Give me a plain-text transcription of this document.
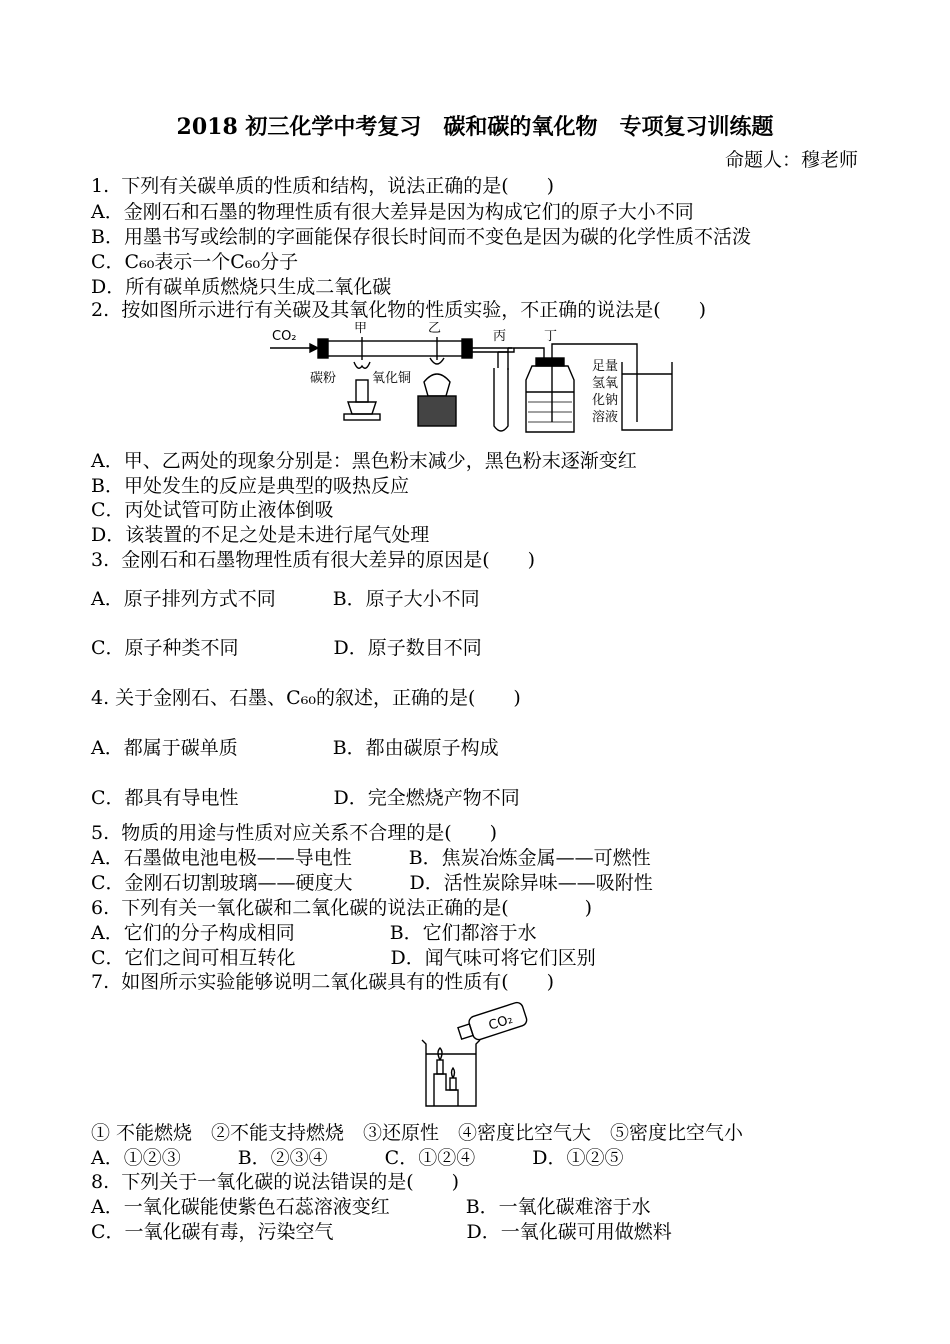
2018 初三化学中考复习　碳和碳的氧化物　专项复习训练题
命题人：穆老师
1.  下列有关碳单质的性质和结构，说法正确的是(　　)
A．金刚石和石墨的物理性质有很大差异是因为构成它们的原子大小不同
B．用墨书写或绘制的字画能保存很长时间而不变色是因为碳的化学性质不活泼
C．C₆₀表示一个C₆₀分子
D．所有碳单质燃烧只生成二氧化碳
2.  按如图所示进行有关碳及其氧化物的性质实验，不正确的说法是(　　)
CO₂
甲	乙
丙	丁
碳粉	氧化铜
足量
氢氧
化钠
溶液
A．甲、乙两处的现象分别是：黑色粉末减少，黑色粉末逐渐变红
B．甲处发生的反应是典型的吸热反应
C．丙处试管可防止液体倒吸
D．该装置的不足之处是未进行尾气处理
3.  金刚石和石墨物理性质有很大差异的原因是(　　)
A．原子排列方式不同　　　B．原子大小不同
C．原子种类不同　　　　　D．原子数目不同
4. 关于金刚石、石墨、C₆₀的叙述，正确的是(　　)
A．都属于碳单质　　　　　B．都由碳原子构成
C．都具有导电性　　　　　D．完全燃烧产物不同
5.  物质的用途与性质对应关系不合理的是(　　)
A．石墨做电池电极——导电性　　　B．焦炭冶炼金属——可燃性
C．金刚石切割玻璃——硬度大　　　D．活性炭除异味——吸附性
6.  下列有关一氧化碳和二氧化碳的说法正确的是(　　　　)
A．它们的分子构成相同　　　　　B．它们都溶于水
C．它们之间可相互转化　　　　　D．闻气味可将它们区别
7.  如图所示实验能够说明二氧化碳具有的性质有(　　)
CO₂
① 不能燃烧　②不能支持燃烧　③还原性　④密度比空气大　⑤密度比空气小
A．①②③　　　B．②③④　　　C．①②④　　　D．①②⑤
8.  下列关于一氧化碳的说法错误的是(　　)
A．一氧化碳能使紫色石蕊溶液变红　　　　B．一氧化碳难溶于水
C．一氧化碳有毒，污染空气　　　　　　　D．一氧化碳可用做燃料
